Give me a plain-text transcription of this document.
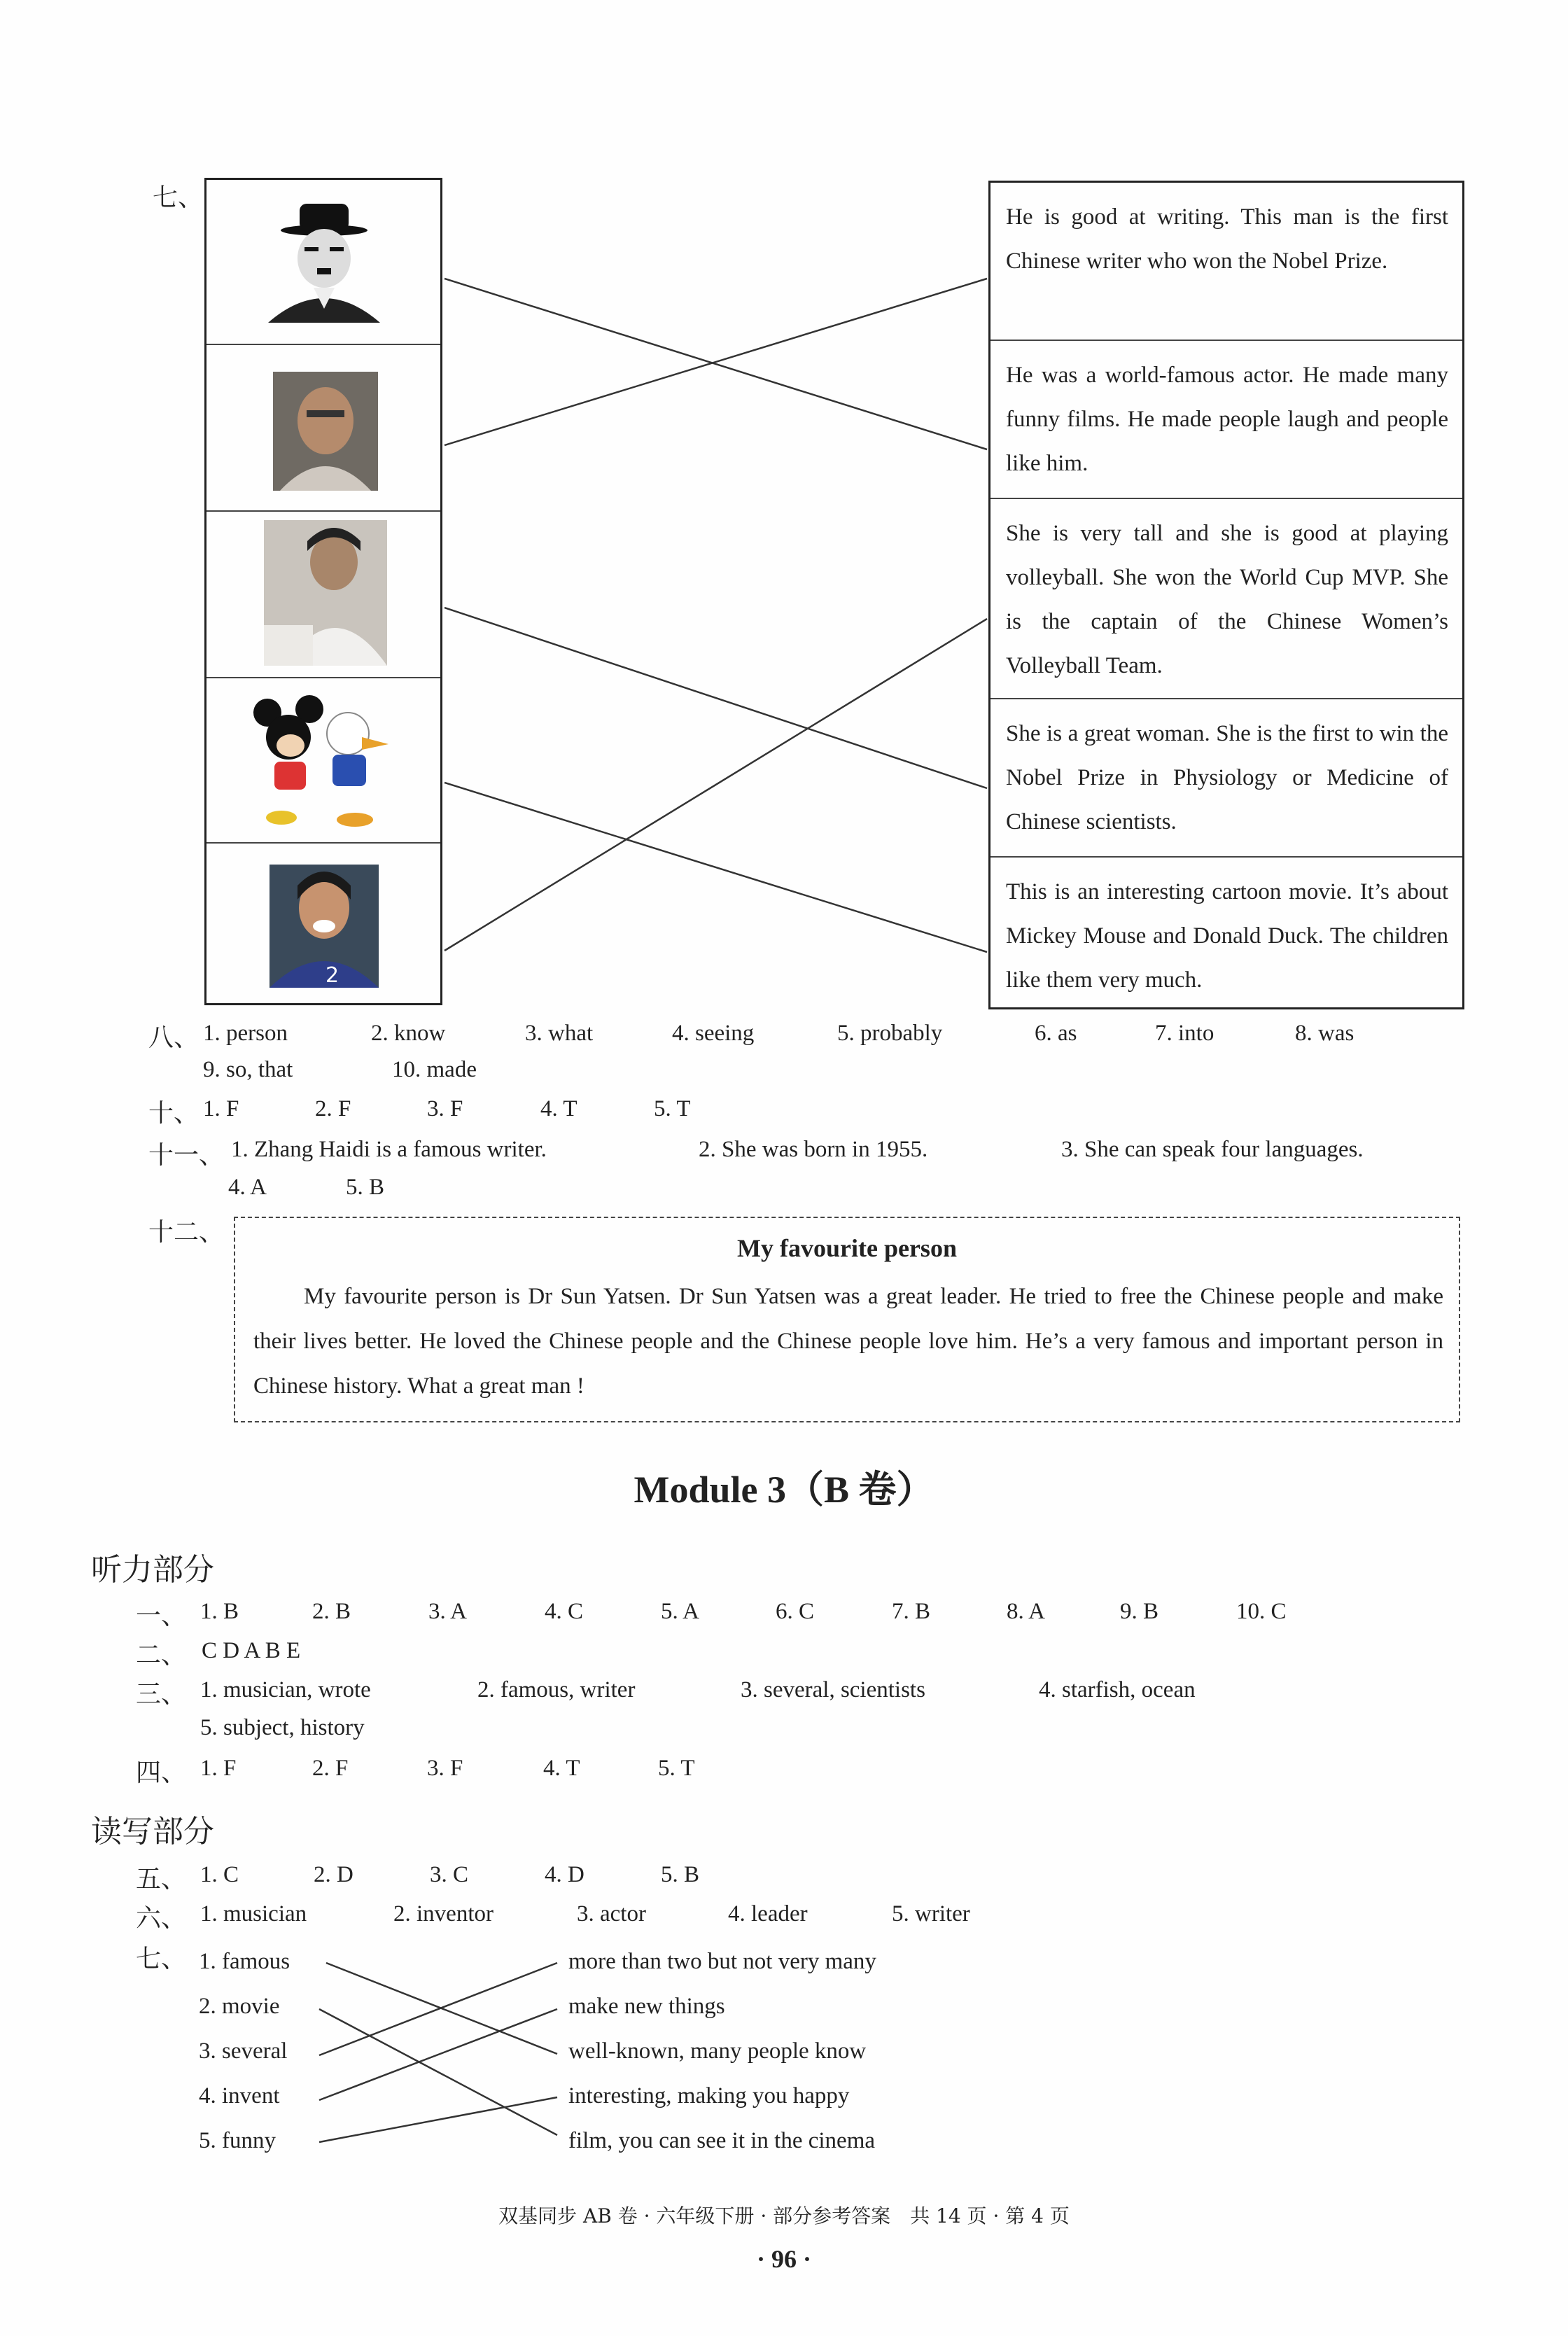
七、
2
He is good at writing. This man is the first Chinese writer who won the Nobel Prize.
He was a world-famous actor. He made many funny films. He made people laugh and people like him.
She is very tall and she is good at playing volleyball. She won the World Cup MVP. She is the captain of the Chinese Women’s Volleyball Team.
She is a great woman. She is the first to win the Nobel Prize in Physiology or Medicine of Chinese scientists.
This is an interesting cartoon movie. It’s about Mickey Mouse and Donald Duck. The children like them very much.
八、 1. person	2. know	3. what	4. seeing	5. probably	6. as	7. into	8. was
9. so, that	10. made
十、 1. F	2. F	3. F	4. T	5. T
十一、 1. Zhang Haidi is a famous writer.	2. She was born in 1955.	3. She can speak four languages.
4. A	5. B
十二、
My favourite person
My favourite person is Dr Sun Yatsen. Dr Sun Yatsen was a great leader. He tried to free the Chinese people and make their lives better. He loved the Chinese people and the Chinese people love him. He’s a very famous and important person in Chinese history. What a great man !
Module 3（B 卷）
听力部分
一、 1. B	2. B	3. A	4. C	5. A	6. C	7. B	8. A	9. B	10. C
二、 C D A B E
三、 1. musician, wrote	2. famous, writer	3. several, scientists	4. starfish, ocean
5. subject, history
四、 1. F	2. F	3. F	4. T	5. T
读写部分
五、 1. C	2. D	3. C	4. D	5. B
六、 1. musician	2. inventor	3. actor	4. leader	5. writer
七、 1. famous
2. movie
3. several
4. invent
5. funny
more than two but not very many
make new things
well-known, many people know
interesting, making you happy
film, you can see it in the cinema
双基同步 AB 卷 · 六年级下册 · 部分参考答案　共 14 页 · 第 4 页
· 96 ·
